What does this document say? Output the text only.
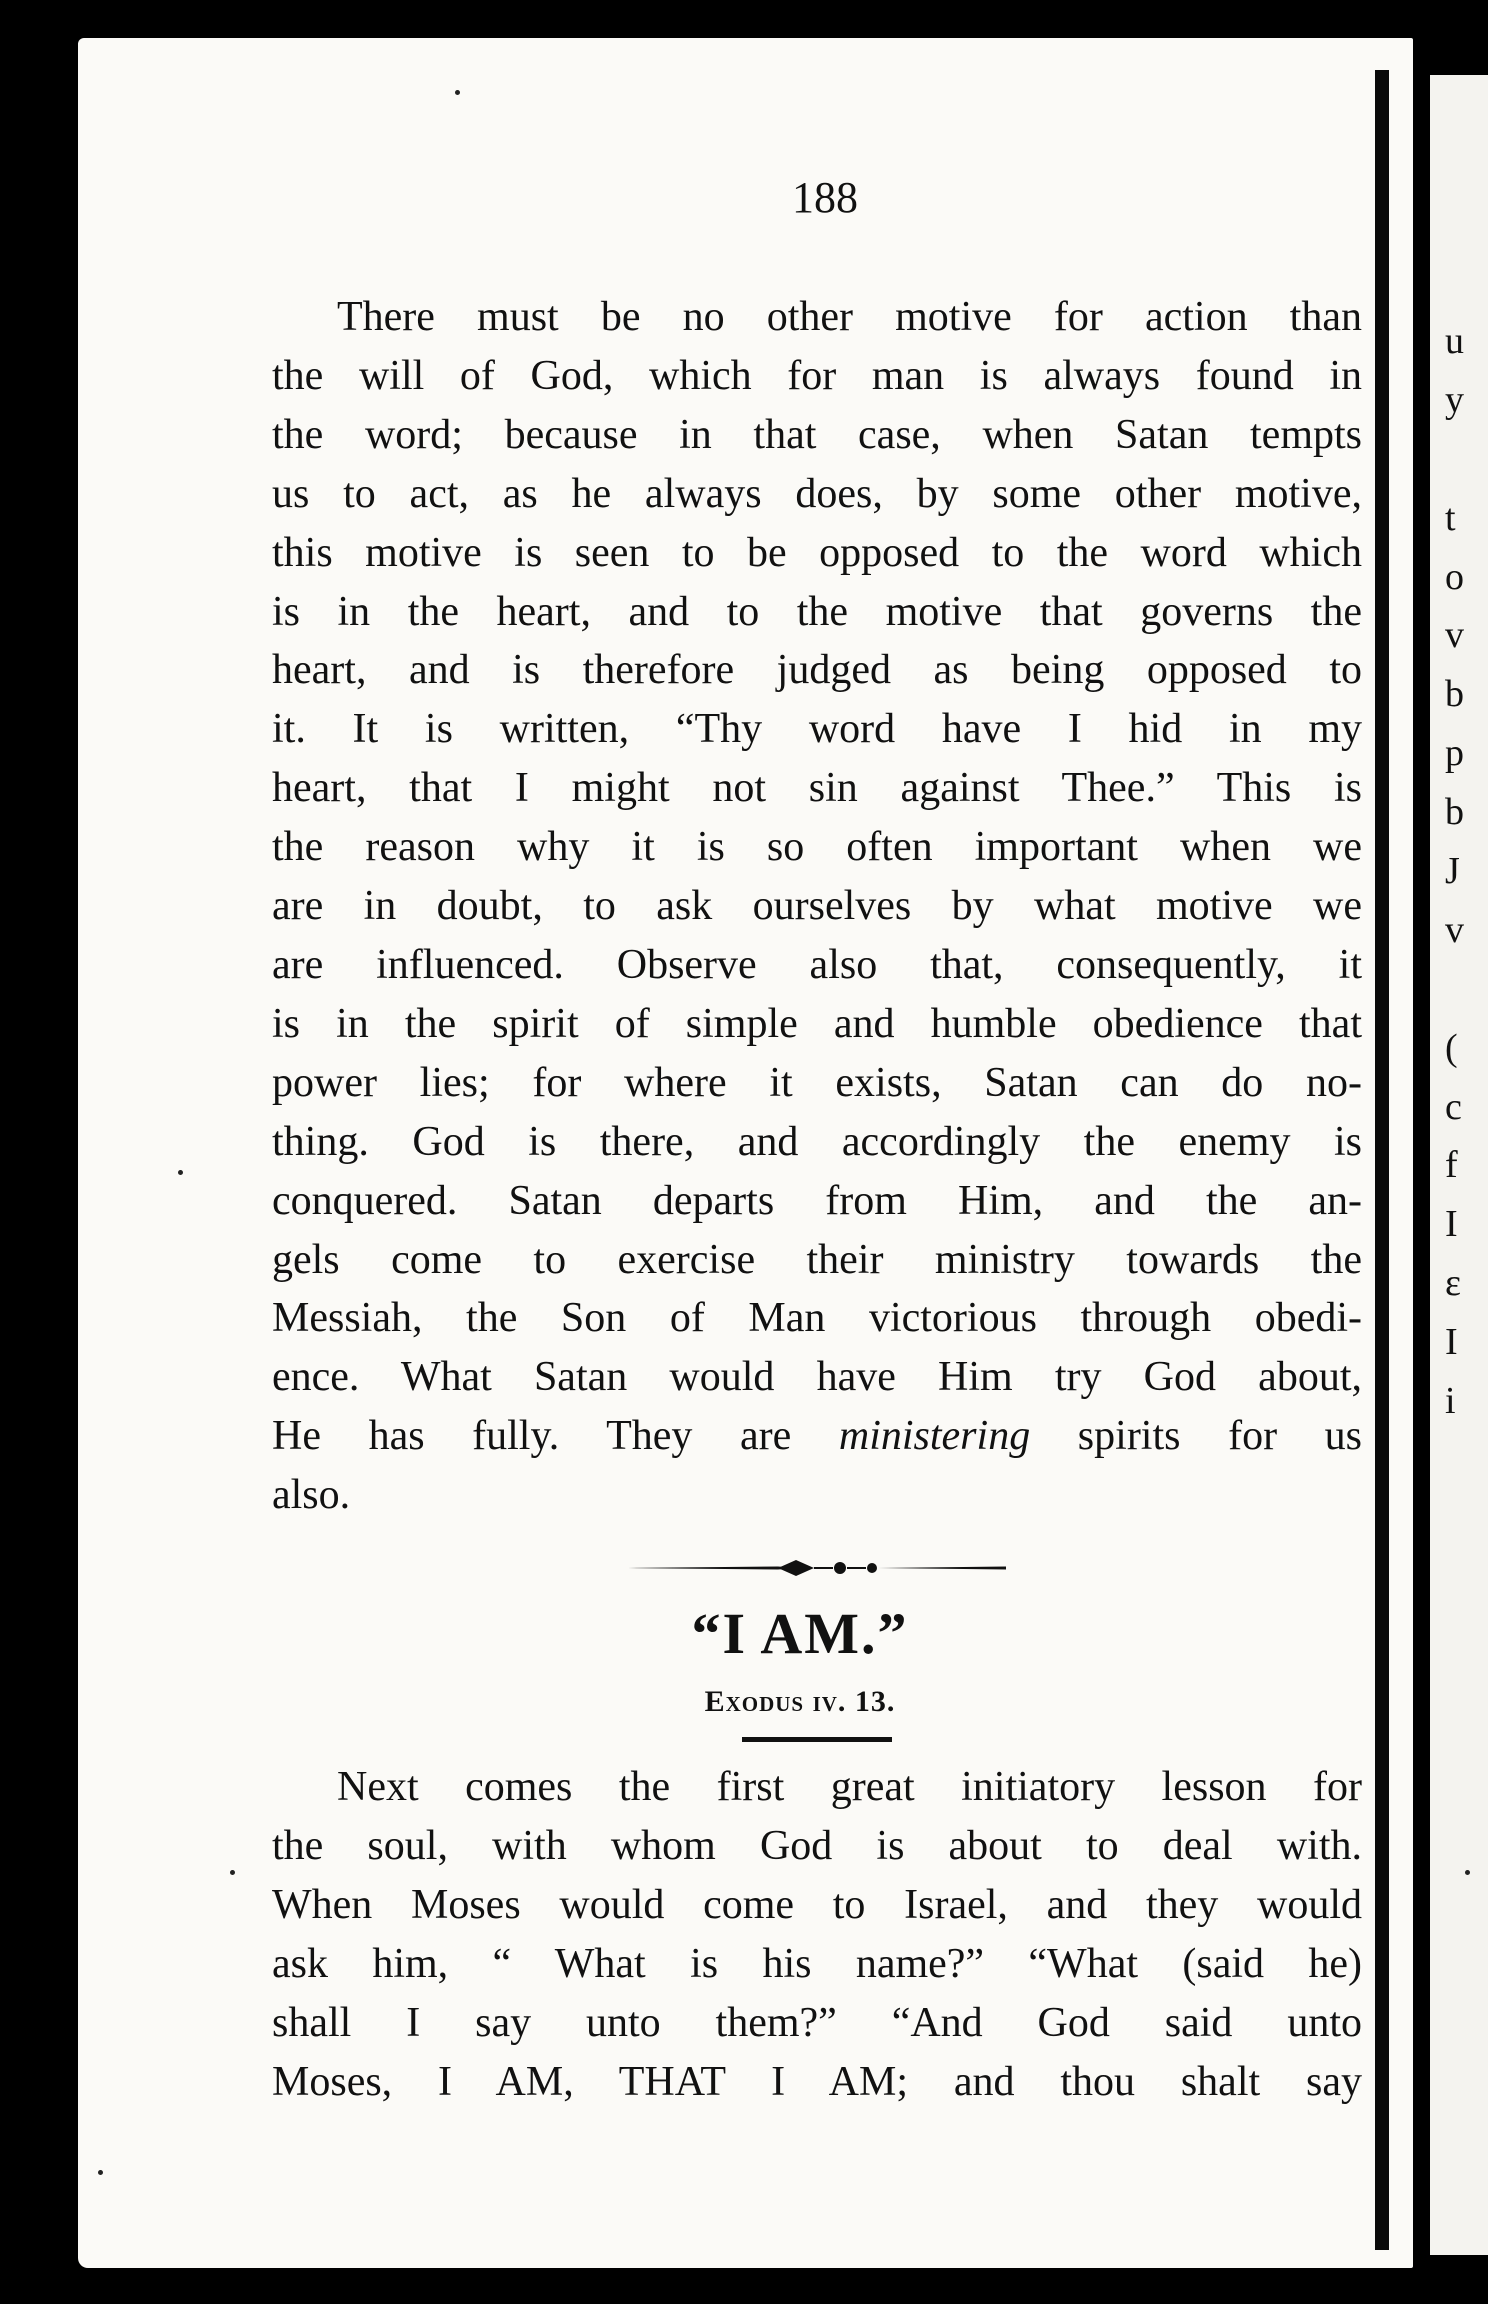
u
y
t
o
v
b
p
b
J
v
(
c
f
I
ε
I
i
188
There must be no other motive for action than
the will of God, which for man is always found in
the word; because in that case, when Satan tempts
us to act, as he always does, by some other motive,
this motive is seen to be opposed to the word which
is in the heart, and to the motive that governs the
heart, and is therefore judged as being opposed to
it. It is written, “Thy word have I hid in my
heart, that I might not sin against Thee.” This is
the reason why it is so often important when we
are in doubt, to ask ourselves by what motive we
are influenced. Observe also that, consequently, it
is in the spirit of simple and humble obedience that
power lies; for where it exists, Satan can do no-
thing. God is there, and accordingly the enemy is
conquered. Satan departs from Him, and the an-
gels come to exercise their ministry towards the
Messiah, the Son of Man victorious through obedi-
ence. What Satan would have Him try God about,
He has fully. They are ministering spirits for us
also.
“I AM.”
Exodus iv. 13.
Next comes the first great initiatory lesson for
the soul, with whom God is about to deal with.
When Moses would come to Israel, and they would
ask him, “ What is his name?” “What (said he)
shall I say unto them?” “And God said unto
Moses, I AM, THAT I AM; and thou shalt say
